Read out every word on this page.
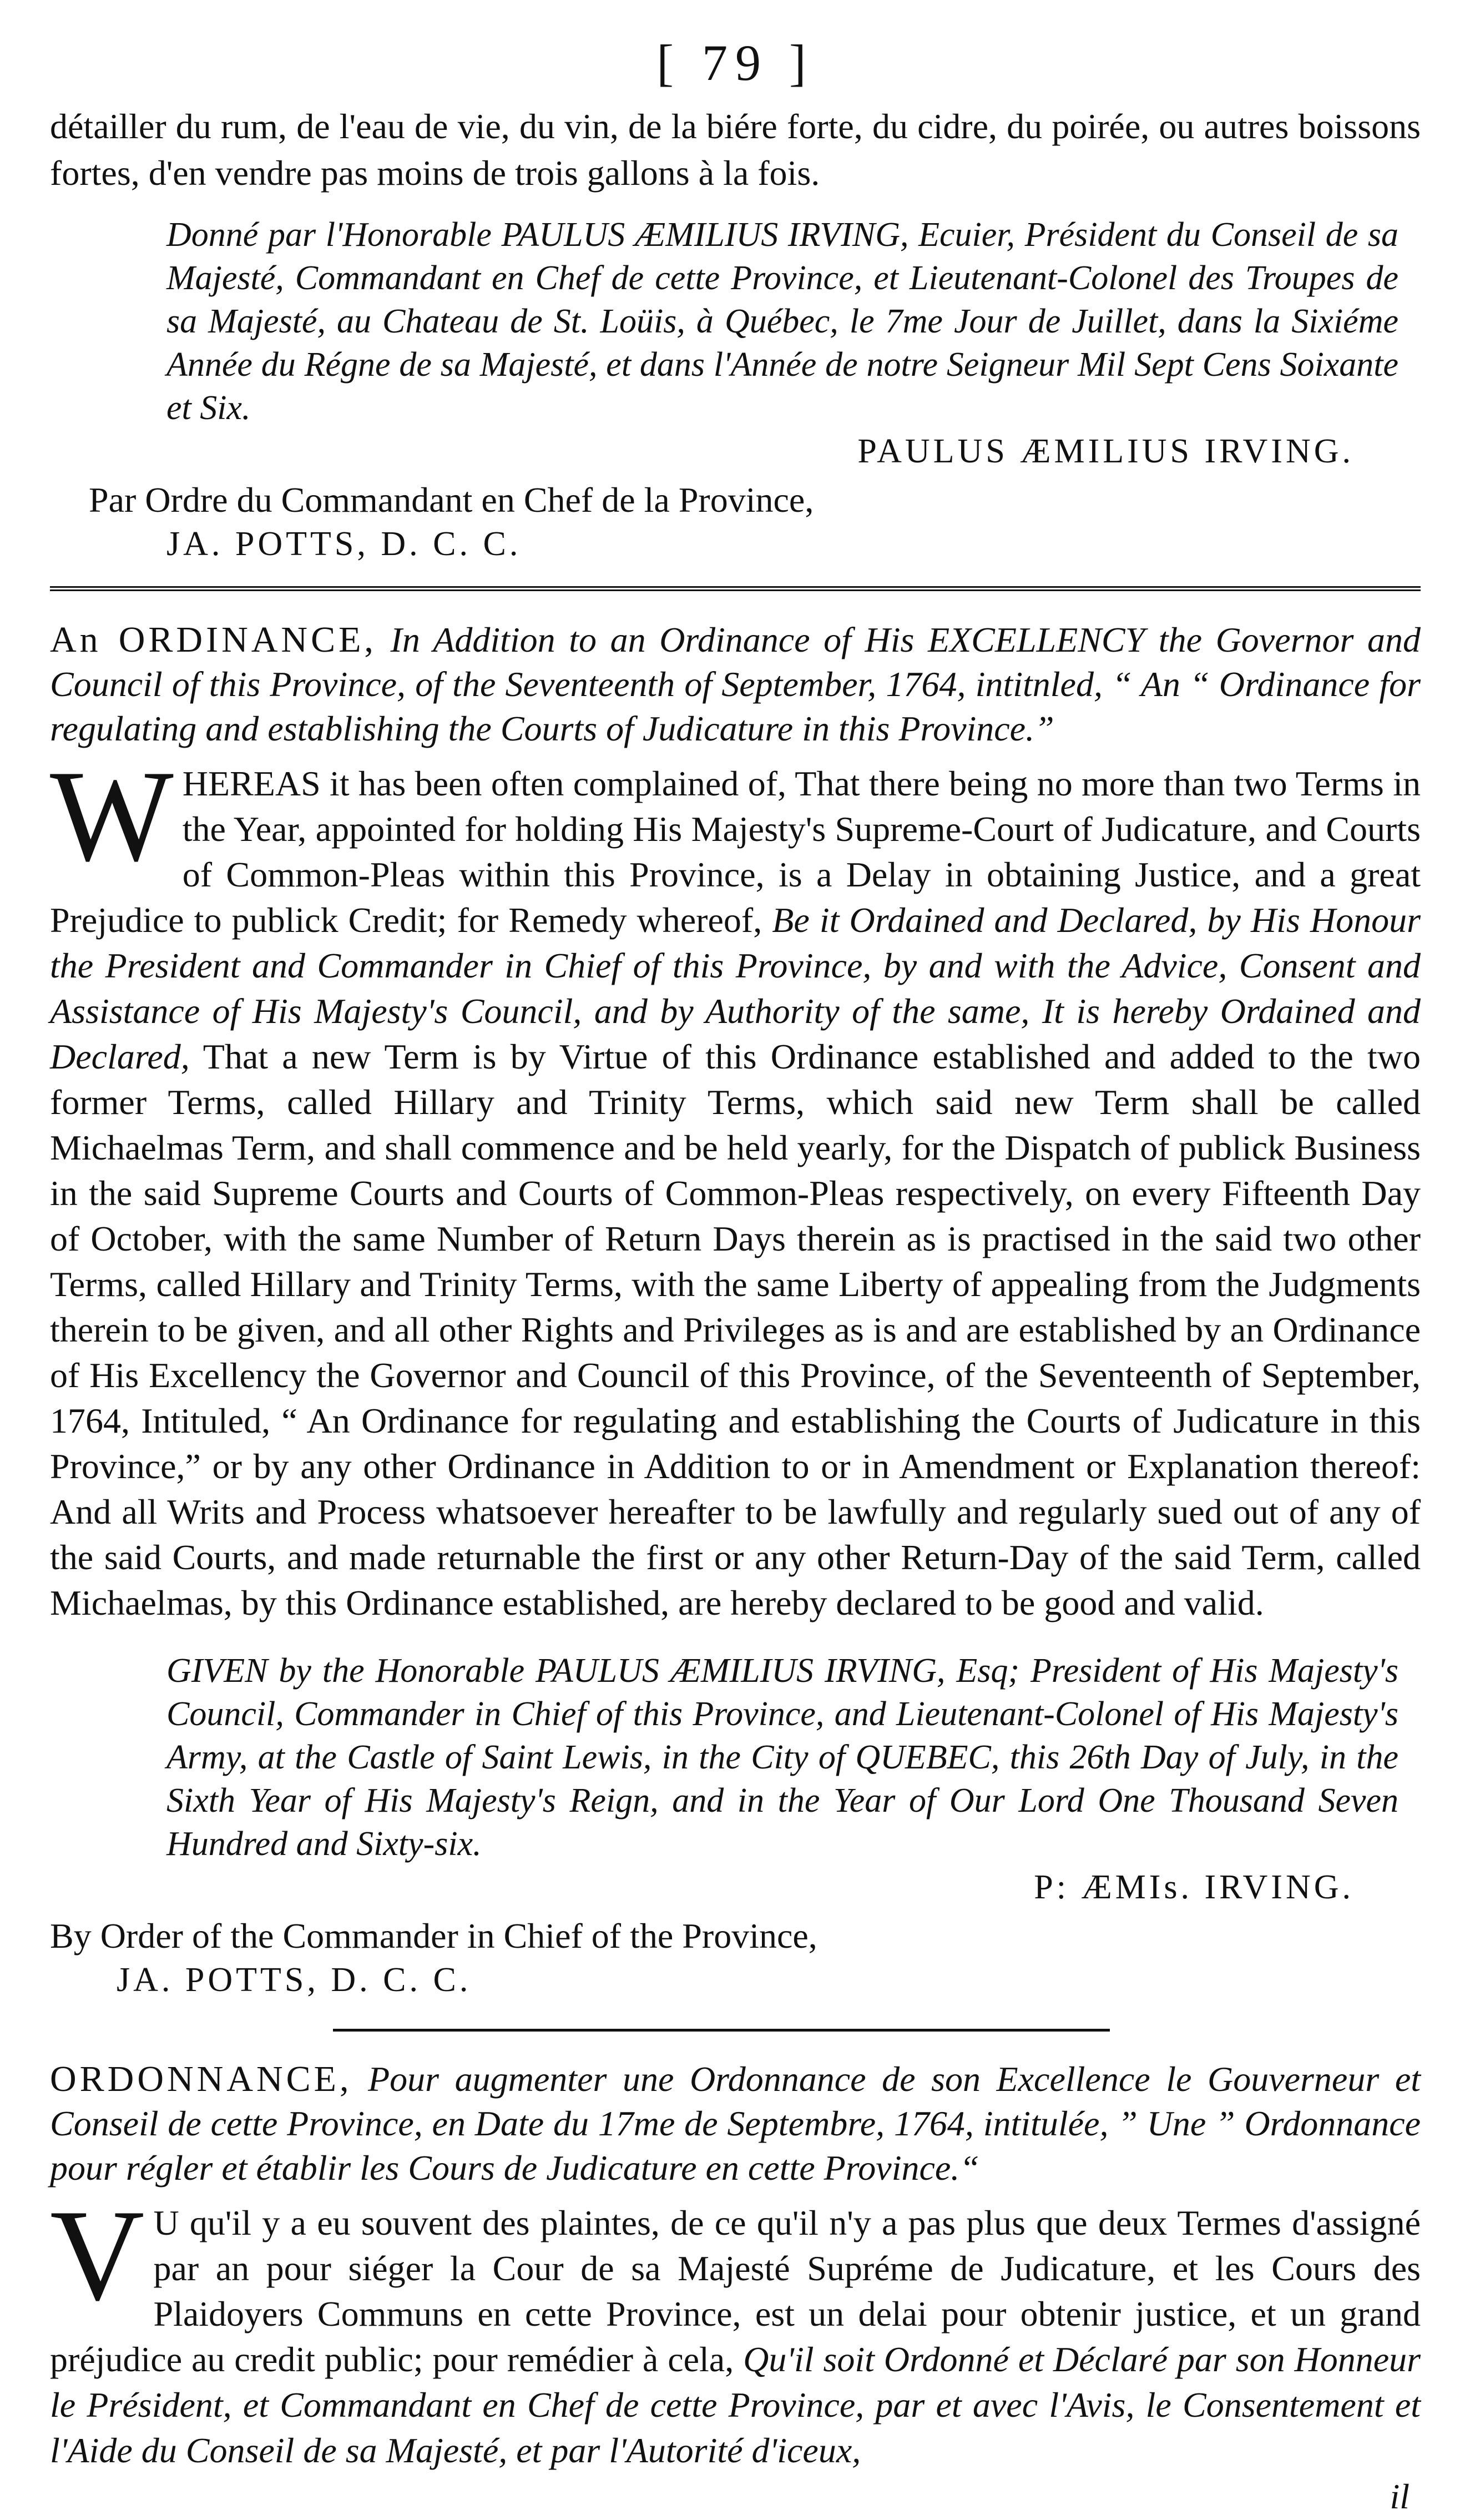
[ 79 ]

détailler du rum, de l'eau de vie, du vin, de la biére forte, du cidre, du poirée, ou autres boissons fortes, d'en vendre pas moins de trois gallons à la fois.

Donné par l'Honorable PAULUS ÆMILIUS IRVING, Ecuier, Président du Conseil de sa Majesté, Commandant en Chef de cette Province, et Lieutenant-Colonel des Troupes de sa Majesté, au Chateau de St. Loüis, à Québec, le 7me Jour de Juillet, dans la Sixiéme Année du Régne de sa Majesté, et dans l'Année de notre Seigneur Mil Sept Cens Soixante et Six.

PAULUS ÆMILIUS IRVING.
Par Ordre du Commandant en Chef de la Province,
JA. POTTS, D. C. C.

An ORDINANCE, In Addition to an Ordinance of His EXCELLENCY the Governor and Council of this Province, of the Seventeenth of September, 1764, intitnled, “ An “ Ordinance for regulating and establishing the Courts of Judicature in this Province.”

W HEREAS it has been often complained of, That there being no more than two Terms in the Year, appointed for holding His Majesty's Supreme-Court of Judicature, and Courts of Common-Pleas within this Province, is a Delay in obtaining Justice, and a great Prejudice to publick Credit; for Remedy whereof, Be it Ordained and Declared, by His Honour the President and Commander in Chief of this Province, by and with the Advice, Consent and Assistance of His Majesty's Council, and by Authority of the same, It is hereby Ordained and Declared, That a new Term is by Virtue of this Ordinance established and added to the two former Terms, called Hillary and Trinity Terms, which said new Term shall be called Michaelmas Term, and shall commence and be held yearly, for the Dispatch of publick Business in the said Supreme Courts and Courts of Common-Pleas respectively, on every Fifteenth Day of October, with the same Number of Return Days therein as is practised in the said two other Terms, called Hillary and Trinity Terms, with the same Liberty of appealing from the Judgments therein to be given, and all other Rights and Privileges as is and are established by an Ordinance of His Excellency the Governor and Council of this Province, of the Seventeenth of September, 1764, Intituled, “ An Ordinance for regulating and establishing the Courts of Judicature in this Province,” or by any other Ordinance in Addition to or in Amendment or Explanation thereof: And all Writs and Process whatsoever hereafter to be lawfully and regularly sued out of any of the said Courts, and made returnable the first or any other Return-Day of the said Term, called Michaelmas, by this Ordinance established, are hereby declared to be good and valid.

GIVEN by the Honorable PAULUS ÆMILIUS IRVING, Esq; President of His Majesty's Council, Commander in Chief of this Province, and Lieutenant-Colonel of His Majesty's Army, at the Castle of Saint Lewis, in the City of QUEBEC, this 26th Day of July, in the Sixth Year of His Majesty's Reign, and in the Year of Our Lord One Thousand Seven Hundred and Sixty-six.

P: ÆMIs. IRVING.
By Order of the Commander in Chief of the Province,
JA. POTTS, D. C. C.

ORDONNANCE, Pour augmenter une Ordonnance de son Excellence le Gouverneur et Conseil de cette Province, en Date du 17me de Septembre, 1764, intitulée, ” Une ” Ordonnance pour régler et établir les Cours de Judicature en cette Province.“

V U qu'il y a eu souvent des plaintes, de ce qu'il n'y a pas plus que deux Termes d'assigné par an pour siéger la Cour de sa Majesté Supréme de Judicature, et les Cours des Plaidoyers Communs en cette Province, est un delai pour obtenir justice, et un grand préjudice au credit public; pour remédier à cela, Qu'il soit Ordonné et Déclaré par son Honneur le Président, et Commandant en Chef de cette Province, par et avec l'Avis, le Consentement et l'Aide du Conseil de sa Majesté, et par l'Autorité d'iceux,

il
